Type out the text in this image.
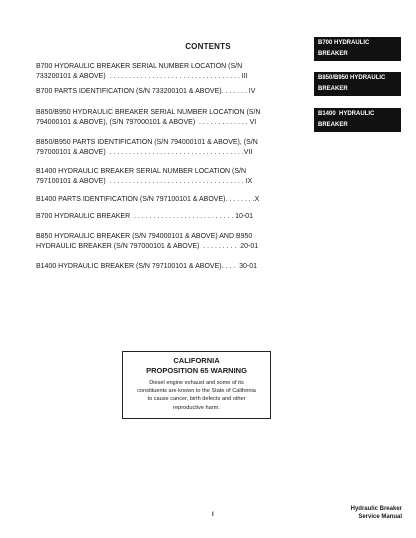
CONTENTS
B700 HYDRAULIC BREAKER SERIAL NUMBER LOCATION (S/N
733200101 & ABOVE)  . . . . . . . . . . . . . . . . . . . . . . . . . . . . . . . . . . III
B700 PARTS IDENTIFICATION (S/N 733200101 & ABOVE). . . . . . . IV
B850/B950 HYDRAULIC BREAKER SERIAL NUMBER LOCATION (S/N
794000101 & ABOVE), (S/N 797000101 & ABOVE)  . . . . . . . . . . . . . VI
B850/B950 PARTS IDENTIFICATION (S/N 794000101 & ABOVE), (S/N
797000101 & ABOVE)  . . . . . . . . . . . . . . . . . . . . . . . . . . . . . . . . . . .VII
B1400 HYDRAULIC BREAKER SERIAL NUMBER LOCATION (S/N
797100101 & ABOVE)  . . . . . . . . . . . . . . . . . . . . . . . . . . . . . . . . . . . IX
B1400 PARTS IDENTIFICATION (S/N 797100101 & ABOVE). . . . . . . .X
B700 HYDRAULIC BREAKER  . . . . . . . . . . . . . . . . . . . . . . . . . . 10-01
B850 HYDRAULIC BREAKER (S/N 794000101 & ABOVE) AND B950
HYDRAULIC BREAKER (S/N 797000101 & ABOVE)  . . . . . . . . .  20-01
B1400 HYDRAULIC BREAKER (S/N 797100101 & ABOVE). . . .  30-01
B700 HYDRAULIC
BREAKER
B850/B950 HYDRAULIC
BREAKER
B1400  HYDRAULIC
BREAKER
CALIFORNIA
PROPOSITION 65 WARNING
Diesel engine exhaust and some of its
constituents are known to the State of California
to cause cancer, birth defects and other
reproductive harm.
I
Hydraulic Breaker
Service Manual
